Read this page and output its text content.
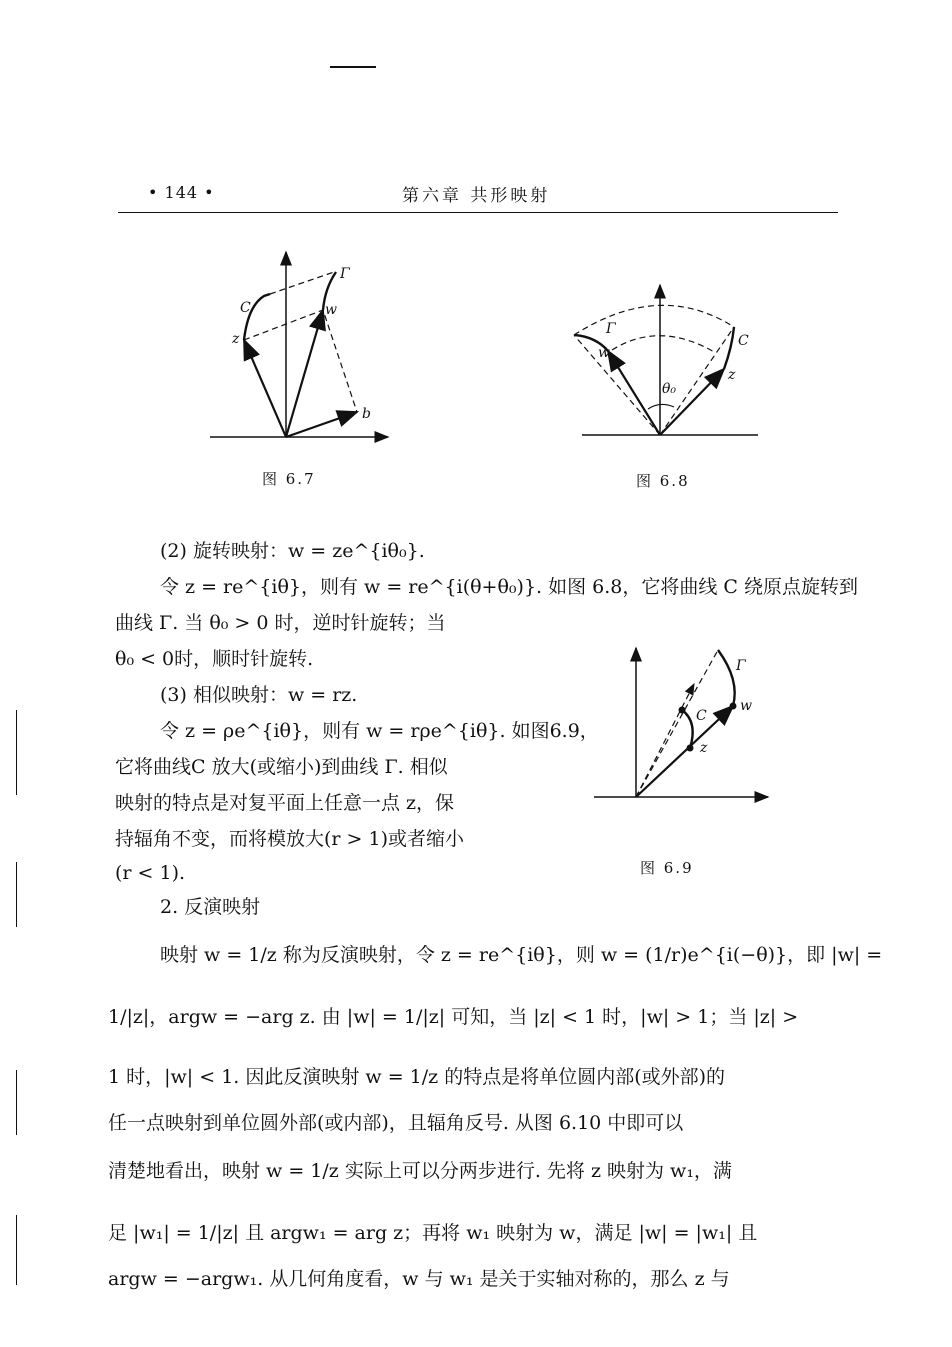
• 144 •	第六章 共形映射
C
Γ
z
w
b
图 6.7
Γ
C
w
z
θ₀
图 6.8
(2) 旋转映射：w = ze^{iθ₀}.
令 z = re^{iθ}，则有 w = re^{i(θ+θ₀)}. 如图 6.8，它将曲线 C 绕原点旋转到
曲线 Γ. 当 θ₀ > 0 时，逆时针旋转；当
θ₀ < 0时，顺时针旋转.
(3) 相似映射：w = rz.
令 z = ρe^{iθ}，则有 w = rρe^{iθ}. 如图6.9，
它将曲线C 放大(或缩小)到曲线 Γ. 相似
映射的特点是对复平面上任意一点 z，保
持辐角不变，而将模放大(r > 1)或者缩小
(r < 1).
Γ
C
w
z
图 6.9
2. 反演映射
映射 w = 1/z 称为反演映射，令 z = re^{iθ}，则 w = (1/r)e^{i(−θ)}，即 |w| =
1/|z|，argw = −arg z. 由 |w| = 1/|z| 可知，当 |z| < 1 时，|w| > 1；当 |z| >
1 时，|w| < 1. 因此反演映射 w = 1/z 的特点是将单位圆内部(或外部)的
任一点映射到单位圆外部(或内部)，且辐角反号. 从图 6.10 中即可以
清楚地看出，映射 w = 1/z 实际上可以分两步进行. 先将 z 映射为 w₁，满
足 |w₁| = 1/|z| 且 argw₁ = arg z；再将 w₁ 映射为 w，满足 |w| = |w₁| 且
argw = −argw₁. 从几何角度看，w 与 w₁ 是关于实轴对称的，那么 z 与
